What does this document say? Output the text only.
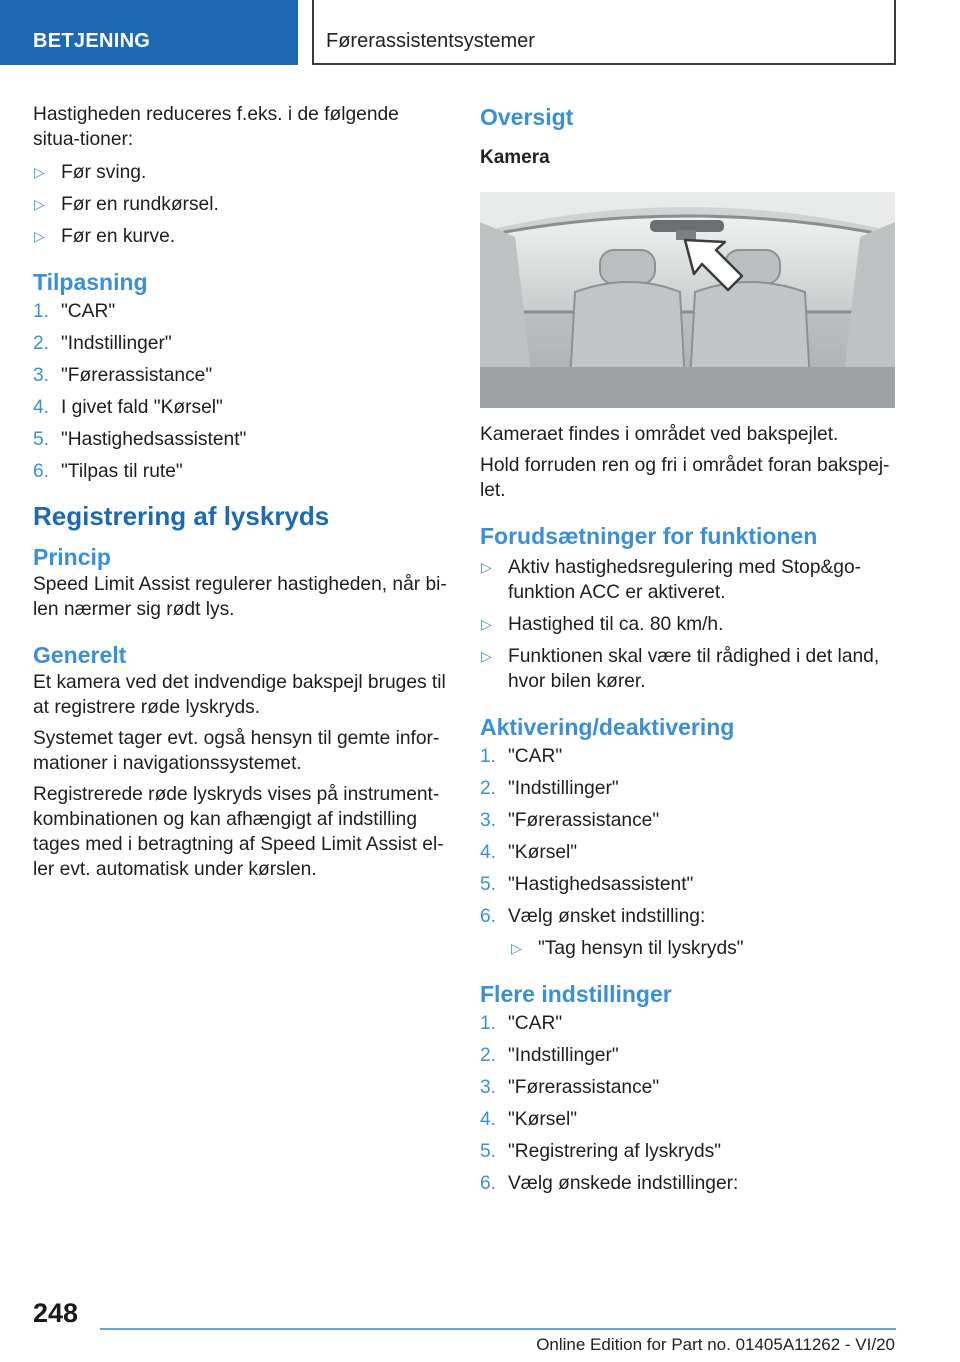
BETJENING	Førerassistentsystemer

Hastigheden reduceres f.eks. i de følgende situa-tioner:

▷ Før sving.
▷ Før en rundkørsel.
▷ Før en kurve.
Tilpasning
1. "CAR"
2. "Indstillinger"
3. "Førerassistance"
4. I givet fald "Kørsel"
5. "Hastighedsassistent"
6. "Tilpas til rute"
Registrering af lyskryds
Princip

Speed Limit Assist regulerer hastigheden, når bi-len nærmer sig rødt lys.

Generelt

Et kamera ved det indvendige bakspejl bruges til at registrere røde lyskryds.

Systemet tager evt. også hensyn til gemte infor-mationer i navigationssystemet.

Registrerede røde lyskryds vises på instrument-kombinationen og kan afhængigt af indstilling tages med i betragtning af Speed Limit Assist el-ler evt. automatisk under kørslen.

Oversigt
Kamera

Kameraet findes i området ved bakspejlet.

Hold forruden ren og fri i området foran bakspej-let.

Forudsætninger for funktionen
▷ Aktiv hastighedsregulering med Stop&go-funktion ACC er aktiveret.
▷ Hastighed til ca. 80 km/h.
▷ Funktionen skal være til rådighed i det land, hvor bilen kører.
Aktivering/deaktivering
1. "CAR"
2. "Indstillinger"
3. "Førerassistance"
4. "Kørsel"
5. "Hastighedsassistent"
6. Vælg ønsket indstilling:
▷ "Tag hensyn til lyskryds"
Flere indstillinger
1. "CAR"
2. "Indstillinger"
3. "Førerassistance"
4. "Kørsel"
5. "Registrering af lyskryds"
6. Vælg ønskede indstillinger:
248
Online Edition for Part no. 01405A11262 - VI/20
